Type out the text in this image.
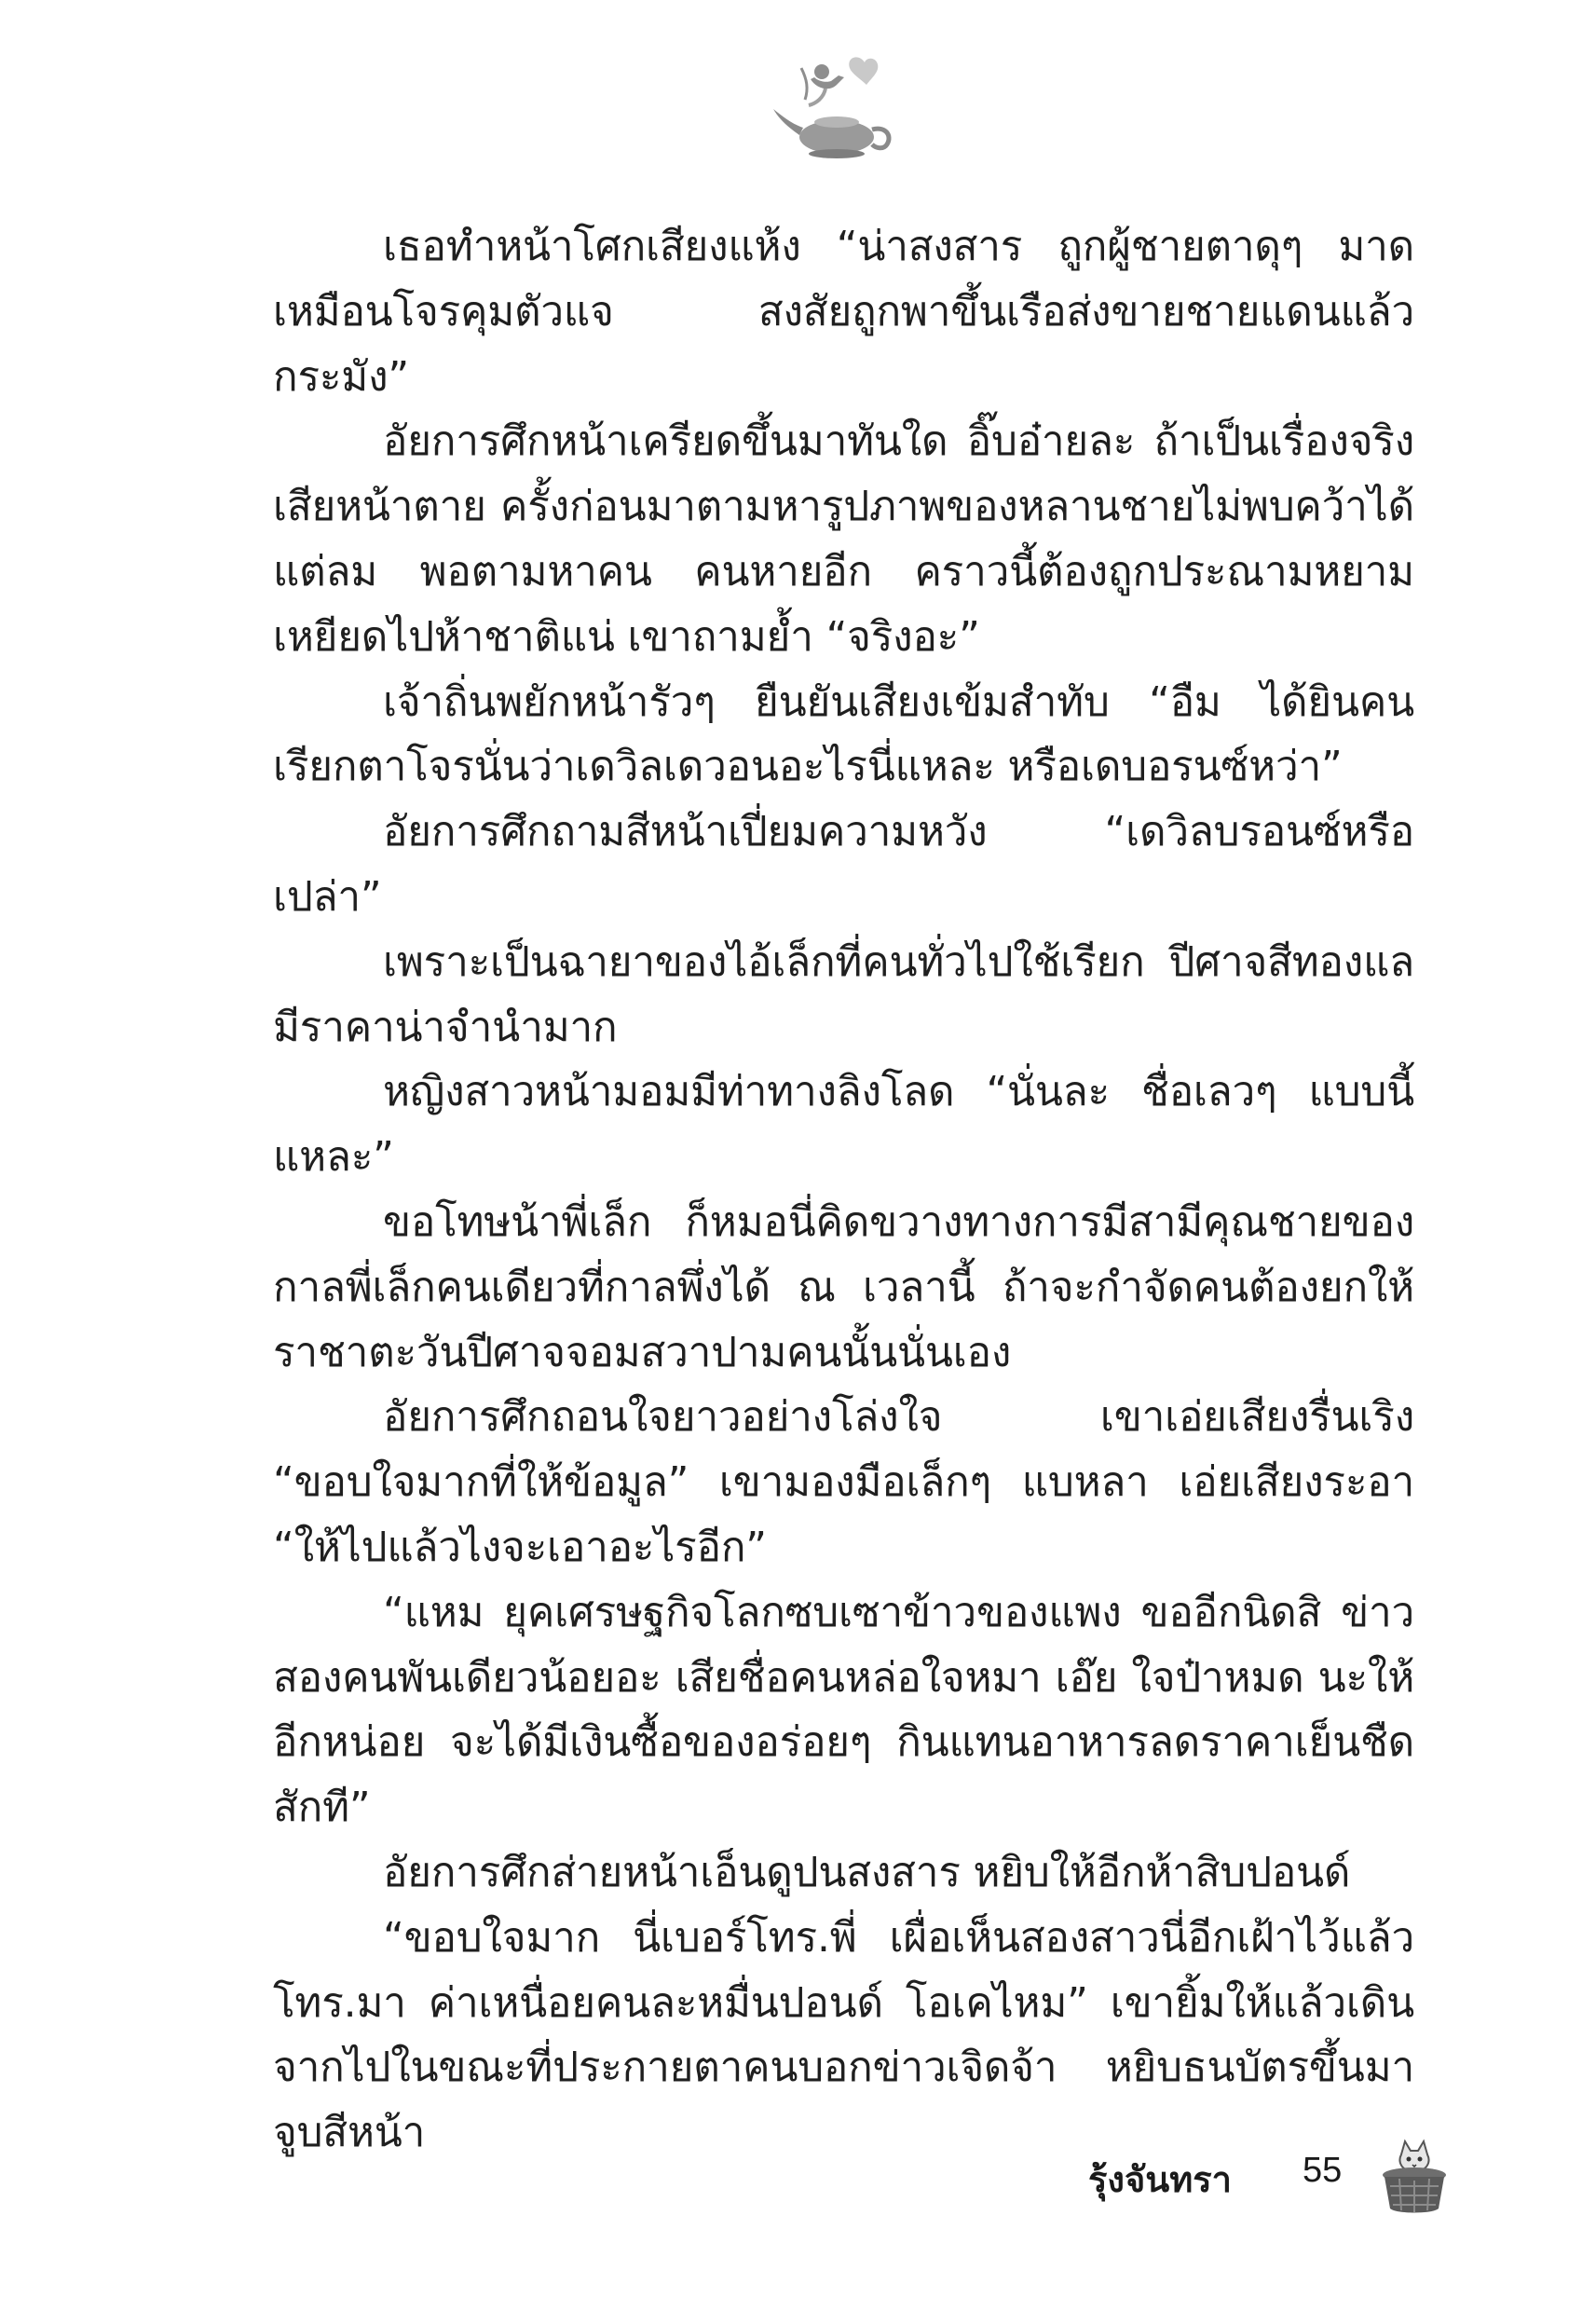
เธอทำหน้าโศกเสียงแห้ง “น่าสงสาร ถูกผู้ชายตาดุๆ มาดเหมือนโจรคุมตัวแจ สงสัยถูกพาขึ้นเรือส่งขายชายแดนแล้วกระมัง”

อัยการศึกหน้าเครียดขึ้นมาทันใด อิ๊บอ๋ายละ ถ้าเป็นเรื่องจริงเสียหน้าตาย ครั้งก่อนมาตามหารูปภาพของหลานชายไม่พบคว้าได้แต่ลม พอตามหาคน คนหายอีก คราวนี้ต้องถูกประณามหยามเหยียดไปห้าชาติแน่ เขาถามย้ำ “จริงอะ”

เจ้าถิ่นพยักหน้ารัวๆ ยืนยันเสียงเข้มสำทับ “อืม ได้ยินคนเรียกตาโจรนั่นว่าเดวิลเดวอนอะไรนี่แหละ หรือเดบอรนซ์หว่า”

อัยการศึกถามสีหน้าเปี่ยมความหวัง “เดวิลบรอนซ์หรือเปล่า”

เพราะเป็นฉายาของไอ้เล็กที่คนทั่วไปใช้เรียก ปีศาจสีทองแลมีราคาน่าจำนำมาก

หญิงสาวหน้ามอมมีท่าทางลิงโลด “นั่นละ ชื่อเลวๆ แบบนี้แหละ”

ขอโทษน้าพี่เล็ก ก็หมอนี่คิดขวางทางการมีสามีคุณชายของกาลพี่เล็กคนเดียวที่กาลพึ่งได้ ณ เวลานี้ ถ้าจะกำจัดคนต้องยกให้ราชาตะวันปีศาจจอมสวาปามคนนั้นนั่นเอง

อัยการศึกถอนใจยาวอย่างโล่งใจ เขาเอ่ยเสียงรื่นเริง “ขอบใจมากที่ให้ข้อมูล” เขามองมือเล็กๆ แบหลา เอ่ยเสียงระอา “ให้ไปแล้วไงจะเอาอะไรอีก”

“แหม ยุคเศรษฐกิจโลกซบเซาข้าวของแพง ขออีกนิดสิ ข่าวสองคนพันเดียวน้อยอะ เสียชื่อคนหล่อใจหมา เอ๊ย ใจป๋าหมด นะให้อีกหน่อย จะได้มีเงินซื้อของอร่อยๆ กินแทนอาหารลดราคาเย็นชืดสักที”

อัยการศึกส่ายหน้าเอ็นดูปนสงสาร หยิบให้อีกห้าสิบปอนด์

“ขอบใจมาก นี่เบอร์โทร.พี่ เผื่อเห็นสองสาวนี่อีกเฝ้าไว้แล้วโทร.มา ค่าเหนื่อยคนละหมื่นปอนด์ โอเคไหม” เขายิ้มให้แล้วเดินจากไปในขณะที่ประกายตาคนบอกข่าวเจิดจ้า หยิบธนบัตรขึ้นมาจูบสีหน้า

รุ้งจันทรา 55
